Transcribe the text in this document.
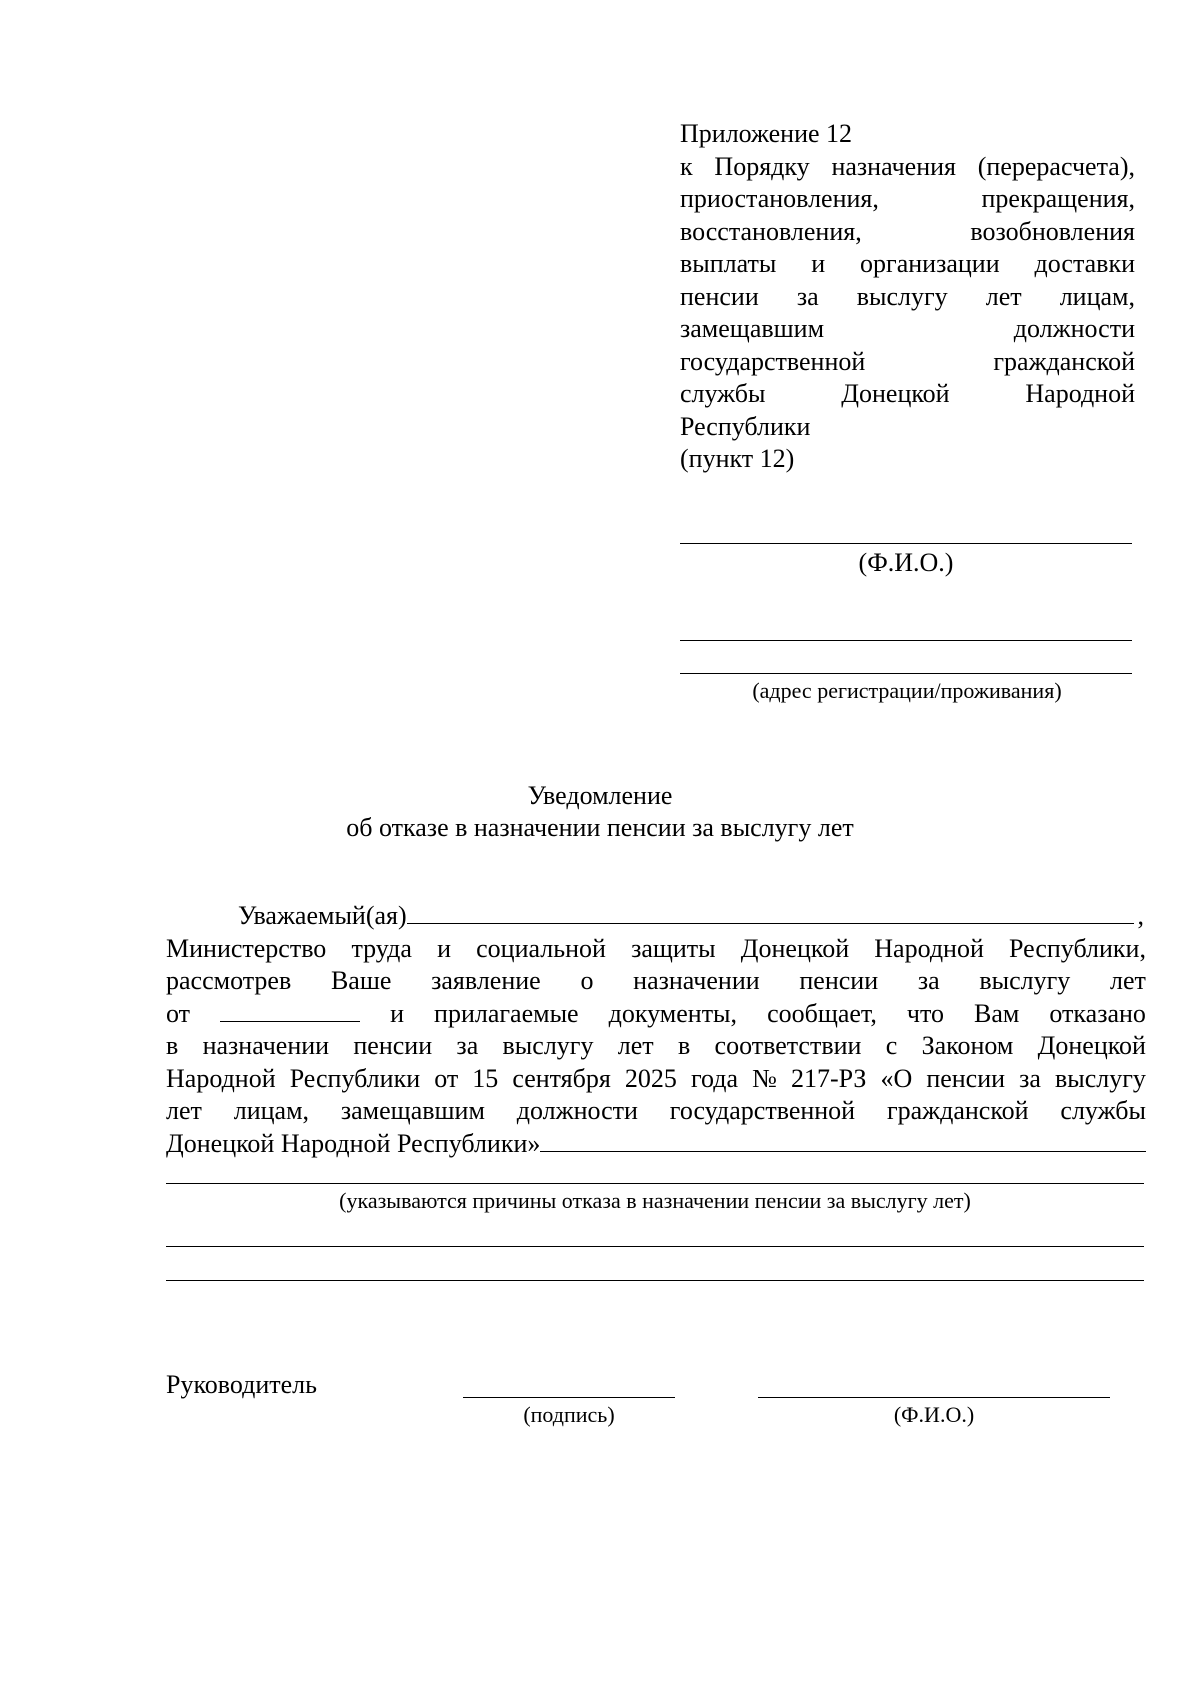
Приложение 12
к Порядку назначения (перерасчета),
приостановления,	прекращения,
восстановления,	возобновления
выплаты и организации доставки
пенсии за выслугу лет лицам,
замещавшим	должности
государственной	гражданской
службы	Донецкой	Народной
Республики
(пункт 12)
(Ф.И.О.)
(адрес регистрации/проживания)
Уведомление
об отказе в назначении пенсии за выслугу лет
Уважаемый(ая)	,
Министерство труда и социальной защиты Донецкой Народной Республики,
рассмотрев Ваше заявление о назначении пенсии за выслугу лет
от	и прилагаемые документы, сообщает, что Вам отказано
в назначении пенсии за выслугу лет в соответствии с Законом Донецкой
Народной Республики от 15 сентября 2025 года № 217-РЗ «О пенсии за выслугу
лет лицам, замещавшим должности государственной гражданской службы
Донецкой Народной Республики»
(указываются причины отказа в назначении пенсии за выслугу лет)
Руководитель
(подпись)	(Ф.И.О.)
